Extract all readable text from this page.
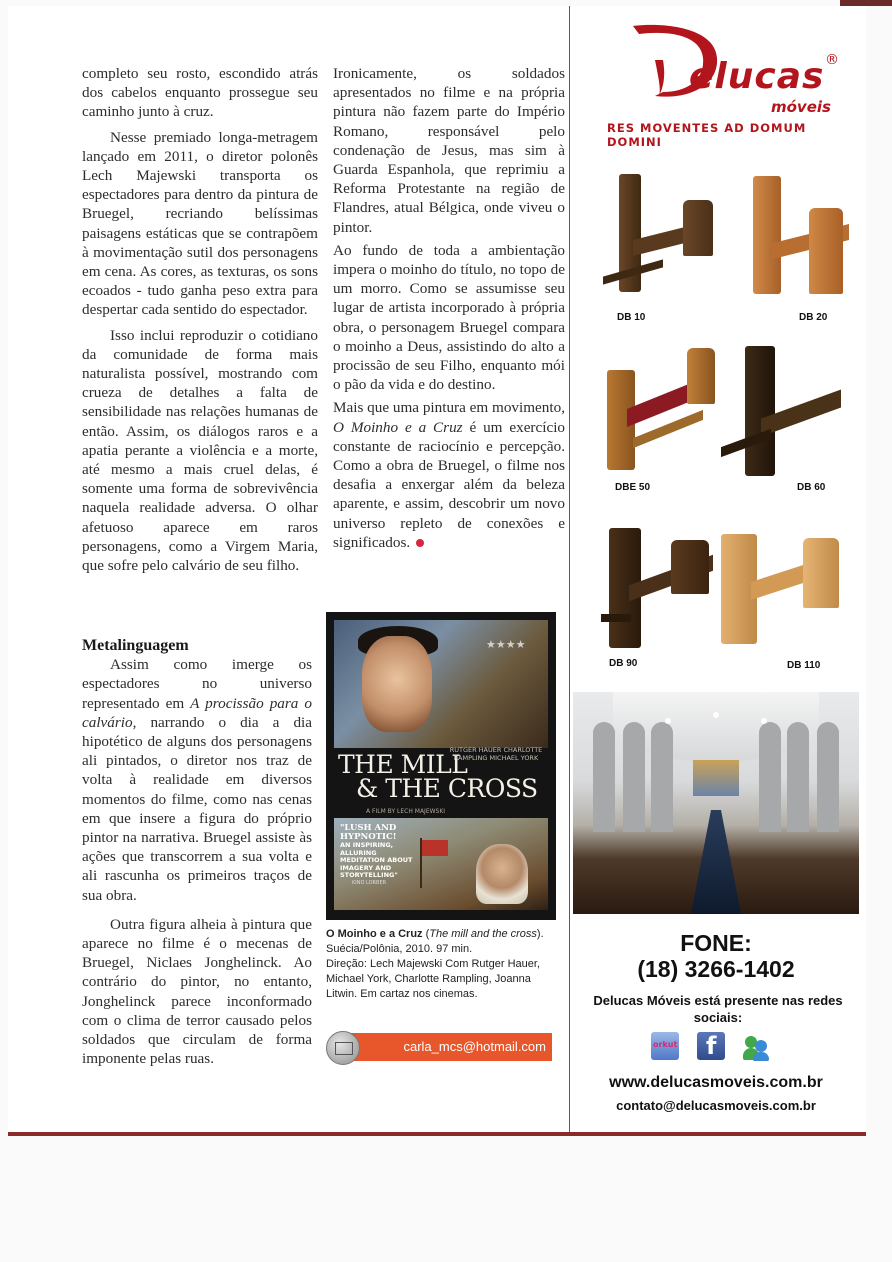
completo seu rosto, escondido atrás dos cabelos enquanto prossegue seu caminho junto à cruz.

Nesse premiado longa-metragem lançado em 2011, o diretor polonês Lech Majewski transporta os espectadores para dentro da pintura de Bruegel, recriando belíssimas paisagens estáticas que se contrapõem à movimentação sutil dos personagens em cena. As cores, as texturas, os sons ecoados - tudo ganha peso extra para despertar cada sentido do espectador.

Isso inclui reproduzir o cotidiano da comunidade de forma mais naturalista possível, mostrando com crueza de detalhes a falta de sensibilidade nas relações humanas de então. Assim, os diálogos raros e a apatia perante a violência e a morte, até mesmo a mais cruel delas, é somente uma forma de sobrevivência naquela realidade adversa. O olhar afetuoso aparece em raros personagens, como a Virgem Maria, que sofre pelo calvário de seu filho.

Ironicamente, os soldados apresentados no filme e na própria pintura não fazem parte do Império Romano, responsável pelo condenação de Jesus, mas sim à Guarda Espanhola, que reprimiu a Reforma Protestante na região de Flandres, atual Bélgica, onde viveu o pintor.

Ao fundo de toda a ambientação impera o moinho do título, no topo de um morro. Como se assumisse seu lugar de artista incorporado à própria obra, o personagem Bruegel compara o moinho a Deus, assistindo do alto a procissão de seu Filho, enquanto mói o pão da vida e do destino.

Mais que uma pintura em movimento, O Moinho e a Cruz é um exercício constante de raciocínio e percepção. Como a obra de Bruegel, o filme nos desafia a enxergar além da beleza aparente, e assim, descobrir um novo universo repleto de conexões e significados.

Metalinguagem

Assim como imerge os espectadores no universo representado em A procissão para o calvário, narrando o dia a dia hipotético de alguns dos personagens ali pintados, o diretor nos traz de volta à realidade em diversos momentos do filme, como nas cenas em que insere a figura do próprio pintor na narrativa. Bruegel assiste às ações que transcorrem a sua volta e ali rascunha os primeiros traços de sua obra.

Outra figura alheia à pintura que aparece no filme é o mecenas de Bruegel, Niclaes Jonghelinck. Ao contrário do pintor, no entanto, Jonghelinck parece inconformado com o clima de terror causado pelos soldados que circulam de forma imponente pelas ruas.

★★★★
THE MILL
& THE CROSS
RUTGER HAUER CHARLOTTE RAMPLING MICHAEL YORK
A FILM BY LECH MAJEWSKI
"LUSH AND HYPNOTIC!
AN INSPIRING, ALLURING MEDITATION ABOUT IMAGERY AND STORYTELLING"
KINO LORBER
O Moinho e a Cruz (The mill and the cross).
Suécia/Polônia, 2010. 97 min.
Direção: Lech Majewski Com Rutger Hauer, Michael York, Charlotte Rampling, Joanna Litwin. Em cartaz nos cinemas.
carla_mcs@hotmail.com
elucas ®
móveis
RES MOVENTES AD DOMUM DOMINI
DB 10	DB 20
DBE 50	DB 60
DB 90	DB 110
FONE:
(18) 3266-1402
Delucas Móveis está presente nas redes sociais:
orkut f
www.delucasmoveis.com.br
contato@delucasmoveis.com.br
